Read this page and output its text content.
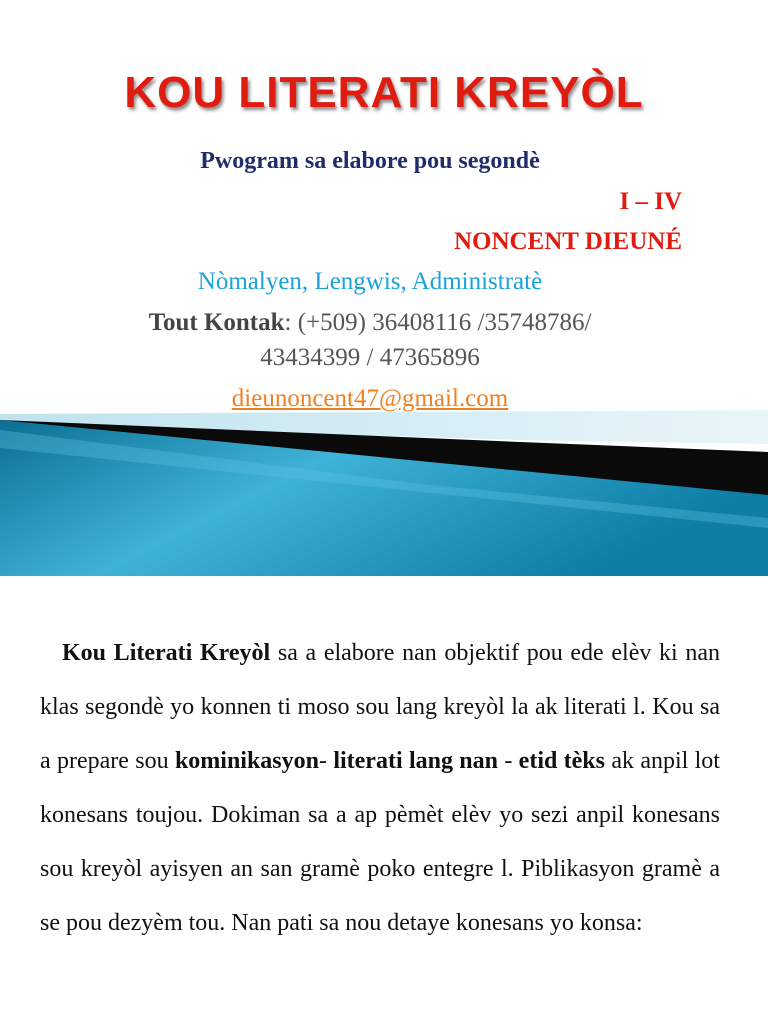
KOU LITERATI KREYÒL
Pwogram sa elabore pou segondè
I – IV
NONCENT DIEUNÉ
Nòmalyen, Lengwis, Administratè
Tout Kontak: (+509) 36408116 /35748786/
43434399 / 47365896
dieunoncent47@gmail.com
Kou Literati Kreyòl sa a elabore nan objektif pou ede elèv ki nan klas segondè yo konnen ti moso sou lang kreyòl la ak literati l. Kou sa a prepare sou kominikasyon- literati lang nan - etid tèks ak anpil lot konesans toujou. Dokiman sa a ap pèmèt elèv yo sezi anpil konesans sou kreyòl ayisyen an san gramè poko entegre l. Piblikasyon gramè a se pou dezyèm tou. Nan pati sa nou detaye konesans yo konsa:
